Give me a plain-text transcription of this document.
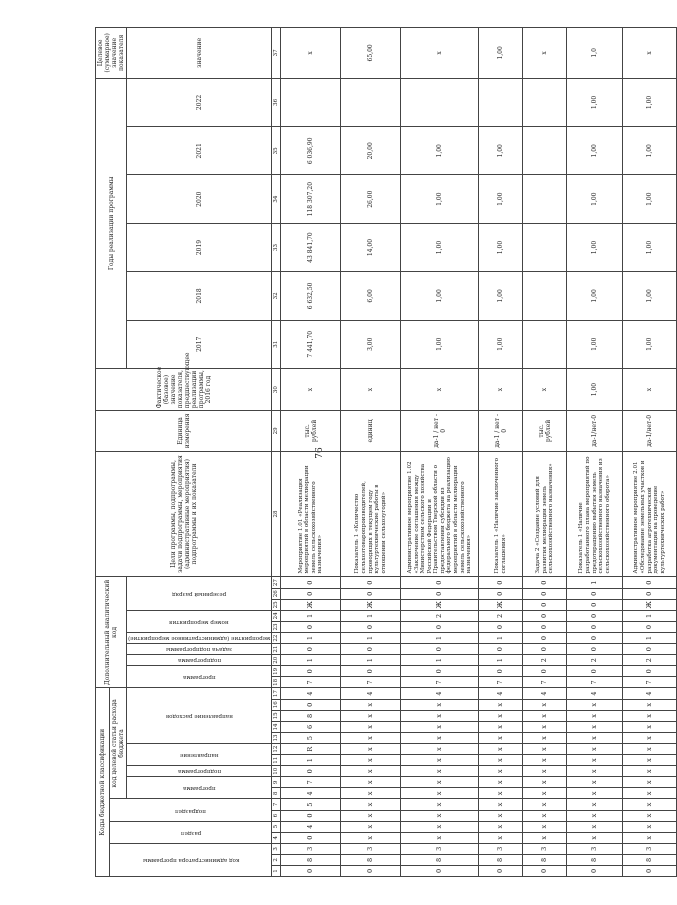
76
Коды бюджетной классификации																	Дополнительный аналитический код										Цели программы, подпрограммы, задачи подпрограммы, мероприятия (административные мероприятия) подпрограммы и их показатели	Единица измерения	Фактическое (базовое) значение показателя, предшествующее реализации программы, 2016 год	Годы реализации программы						Целевое (суммарное) значение показателя

код администратора программы			раздел		подраздел		код целевой статьи расхода бюджета																													

							программа		подпрограмма	направление		направление расходов					программа		подпрограмма	задача подпрограммы	мероприятие (административное мероприятие)	номер мероприятия		резервный разряд						2017	2018	2019	2020	2021	2022	значение

1	2	3	4	5	6	7	8	9	10	11	12	13	14	15	16	17	18	19	20	21	22	23	24	25	26	27	28	29	30	31	32	33	34	35	36	37
0	8	3	0	4	0	5	4	7	0	1	R	5	6	8	0	4	7	0	1	0	1	0	1	Ж	0	0	Мероприятие 1.01 «Реализация мероприятий в области мелиорации земель сельскохозяйственного назначения»	тыс. рублей	х	7 441,70	6 632,50	43 841,70	118 307,20	6 036,90		х
0	8	3	х	х	х	х	х	х	х	х	х	х	х	х	х	4	7	0	1	0	1	0	1	Ж	0	0	Показатель 1 «Количество сельхозтоваропроизводителей, проводящих в текущем году культуртехнические работы в отношении сельхозугодий»	единиц	х	3,00	6,00	14,00	26,00	20,00		65,00
0	8	3	х	х	х	х	х	х	х	х	х	х	х	х	х	4	7	0	1	0	1	0	2	Ж	0	0	Административное мероприятие 1.02 «Заключение соглашения между Министерством сельского хозяйства Российской Федерации и Правительством Тверской области о предоставлении субсидии из федерального бюджета на реализацию мероприятий в области мелиорации земель сельскохозяйственного назначения»	да-1 / нет - 0	х	1,00	1,00	1,00	1,00	1,00		х
0	8	3	х	х	х	х	х	х	х	х	х	х	х	х	х	4	7	0	1	0	1	0	2	Ж	0	0	Показатель 1 «Наличие заключенного соглашения»	да-1 / нет - 0	х	1,00	1,00	1,00	1,00	1,00		1,00
0	8	3	х	х	х	х	х	х	х	х	х	х	х	х	х	4	7	0	2	0	0	0	0	0	0	0	Задача 2 «Создание условий для развития мелиорации земель сельскохозяйственного назначения»	тыс. рублей	х							х
0	8	3	х	х	х	х	х	х	х	х	х	х	х	х	х	4	7	0	2	0	0	0	0	0	0	1	Показатель 1 «Наличие разработанного плана мероприятий по предотвращению выбытия земель сельскохозяйственного назначения из сельскохозяйственного оборота»	да-1/нет-0	1,00	1,00	1,00	1,00	1,00	1,00	1,00	1,0
0	8	3	х	х	х	х	х	х	х	х	х	х	х	х	х	4	7	0	2	0	1	0	1	Ж	0	0	Административное мероприятие 2.01 «Обследование земельных участков и разработка агротехнической документации на проведение культуртехнических работ»	да-1/нет-0	х	1,00	1,00	1,00	1,00	1,00	1,00	х
